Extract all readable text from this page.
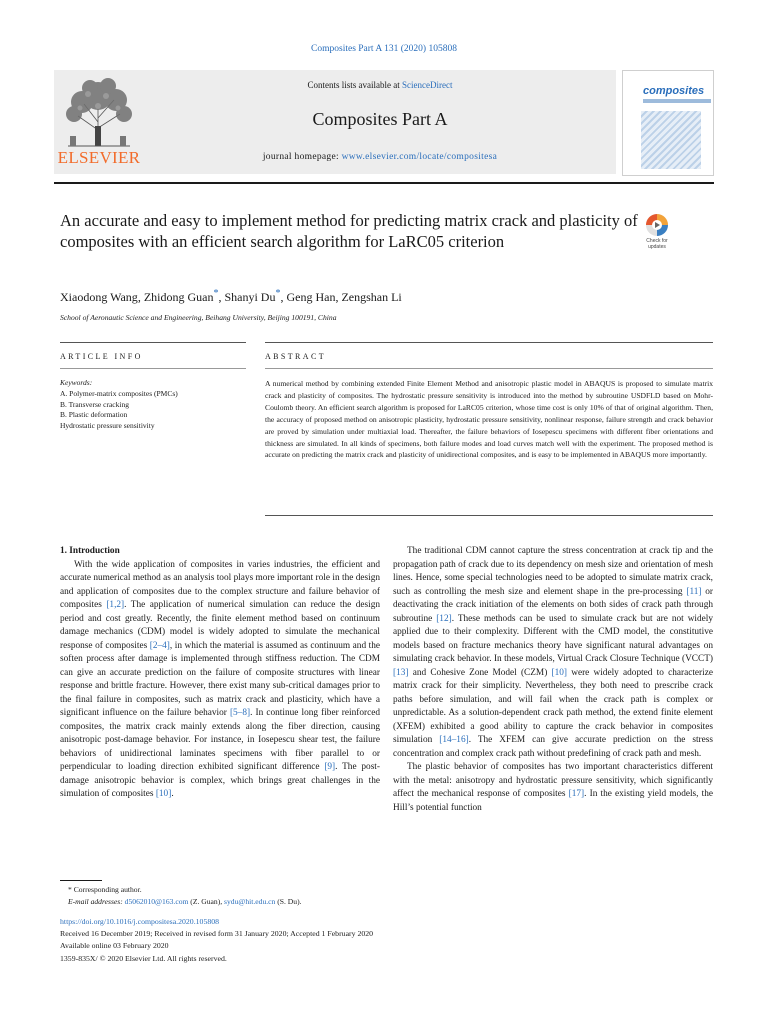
Composites Part A 131 (2020) 105808
ELSEVIER
Contents lists available at ScienceDirect
Composites Part A
journal homepage: www.elsevier.com/locate/compositesa
composites
An accurate and easy to implement method for predicting matrix crack and plasticity of composites with an efficient search algorithm for LaRC05 criterion	Check for updates
Xiaodong Wang, Zhidong Guan*, Shanyi Du*, Geng Han, Zengshan Li
School of Aeronautic Science and Engineering, Beihang University, Beijing 100191, China
ARTICLE INFO	ABSTRACT
Keywords:
A. Polymer-matrix composites (PMCs)
B. Transverse cracking
B. Plastic deformation
Hydrostatic pressure sensitivity
A numerical method by combining extended Finite Element Method and anisotropic plastic model in ABAQUS is proposed to simulate matrix crack and plasticity of composites. The hydrostatic pressure sensitivity is introduced into the method by subroutine USDFLD based on Mohr-Coulomb theory. An efficient search algorithm is proposed for LaRC05 criterion, whose time cost is only 10% of that of original algorithm. Then, the accuracy of proposed method on anisotropic plasticity, hydrostatic pressure sensitivity, nonlinear response, failure strength and crack behavior are proved by simulation under multiaxial load. Thereafter, the failure behaviors of Iosepescu specimens with different fiber orientations and thickness are simulated. In all kinds of specimens, both failure modes and load curves match well with the experiment. The proposed method is accurate on predicting the matrix crack and plasticity of unidirectional composites, and is easy to be implemented in ABAQUS more importantly.

1. Introduction

With the wide application of composites in varies industries, the efficient and accurate numerical method as an analysis tool plays more important role in the design and application of composites due to the complex structure and failure behavior of composites [1,2]. The application of numerical simulation can reduce the design period and cost greatly. Recently, the finite element method based on continuum damage mechanics (CDM) model is widely adopted to simulate the mechanical response of composites [2–4], in which the material is assumed as continuum and the soften process after damage is implemented through stiffness reduction. The CDM can give an accurate prediction on the failure of composite structures with linear response and brittle fracture. However, there exist many sub-critical damages prior to the final failure in composites, such as matrix crack and plasticity, which have a significant influence on the failure behavior [5–8]. In continue long fiber reinforced composites, the matrix crack mainly extends along the fiber direction, causing anisotropic post-damage behavior. For instance, in Iosepescu shear test, the failure behaviors of unidirectional laminates specimens with fiber parallel to or perpendicular to loading direction exhibited significant difference [9]. The post-damage anisotropic behavior is complex, which brings great challenges in the simulation of composites [10].

The traditional CDM cannot capture the stress concentration at crack tip and the propagation path of crack due to its dependency on mesh size and orientation of mesh lines. Hence, some special technologies need to be adopted to simulate matrix crack, such as controlling the mesh size and element shape in the pre-processing [11] or deactivating the crack initiation of the elements on both sides of crack path through subroutine [12]. These methods can be used to simulate crack but are not widely applied due to their complexity. Different with the CMD model, the constitutive models based on fracture mechanics theory have significant natural advantages on simulating crack behavior. In these models, Virtual Crack Closure Technique (VCCT) [13] and Cohesive Zone Model (CZM) [10] were widely adopted to characterize matrix crack for their simplicity. Nevertheless, they both need to prescribe crack paths before simulation, and will fail when the crack path is complex or unpredictable. As a solution-dependent crack path method, the extend finite element (XFEM) exhibited a good ability to capture the crack behavior in composites simulation [14–16]. The XFEM can give accurate prediction on the stress concentration and complex crack path without predefining of crack path and mesh.

The plastic behavior of composites has two important characteristics different with the metal: anisotropy and hydrostatic pressure sensitivity, which significantly affect the mechanical response of composites [17]. In the existing yield models, the Hill’s potential function

* Corresponding author.
E-mail addresses: d5062010@163.com (Z. Guan), sydu@hit.edu.cn (S. Du).
https://doi.org/10.1016/j.compositesa.2020.105808
Received 16 December 2019; Received in revised form 31 January 2020; Accepted 1 February 2020
Available online 03 February 2020
1359-835X/ © 2020 Elsevier Ltd. All rights reserved.
